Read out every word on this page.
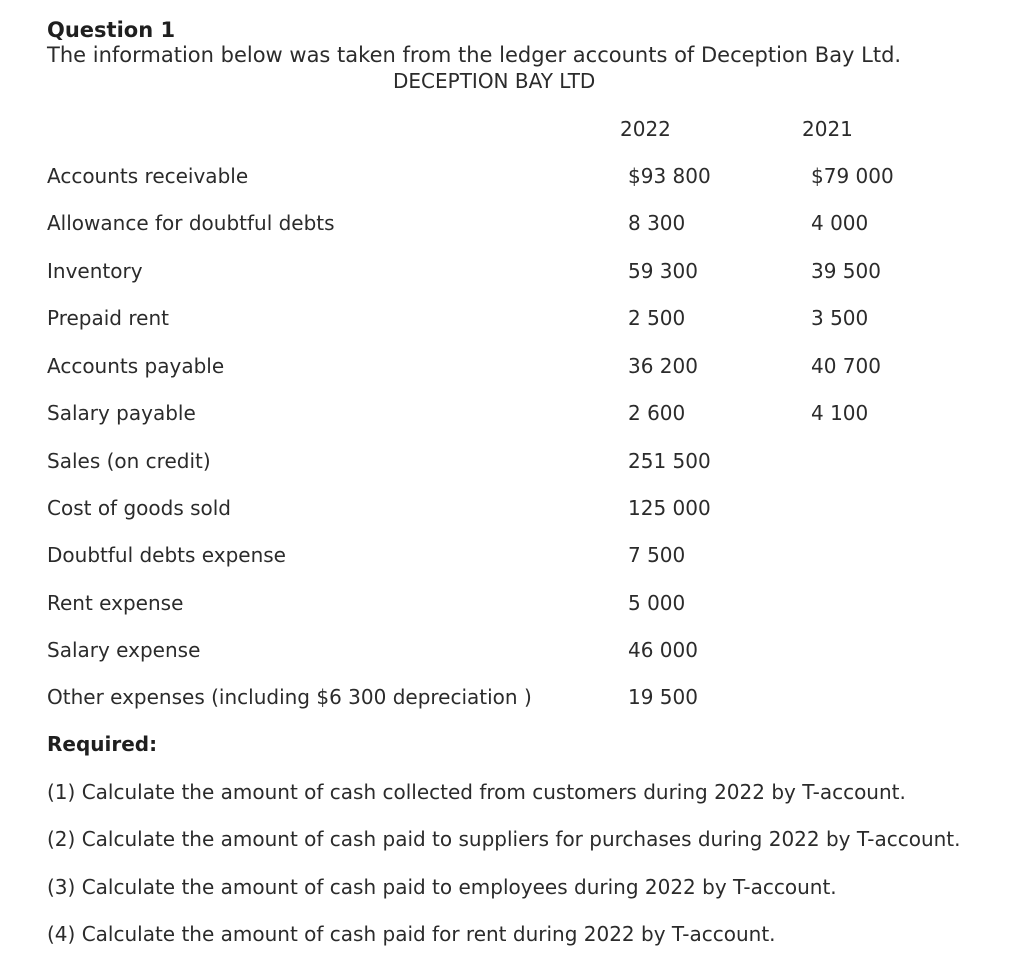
Question 1
The information below was taken from the ledger accounts of Deception Bay Ltd.
DECEPTION BAY LTD
2022	2021
Accounts receivable	$93 800	$79 000
Allowance for doubtful debts	8 300	4 000
Inventory	59 300	39 500
Prepaid rent	2 500	3 500
Accounts payable	36 200	40 700
Salary payable	2 600	4 100
Sales (on credit)	251 500
Cost of goods sold	125 000
Doubtful debts expense	7 500
Rent expense	5 000
Salary expense	46 000
Other expenses (including $6 300 depreciation )	19 500
Required:
(1) Calculate the amount of cash collected from customers during 2022 by T-account.
(2) Calculate the amount of cash paid to suppliers for purchases during 2022 by T-account.
(3) Calculate the amount of cash paid to employees during 2022 by T-account.
(4) Calculate the amount of cash paid for rent during 2022 by T-account.
